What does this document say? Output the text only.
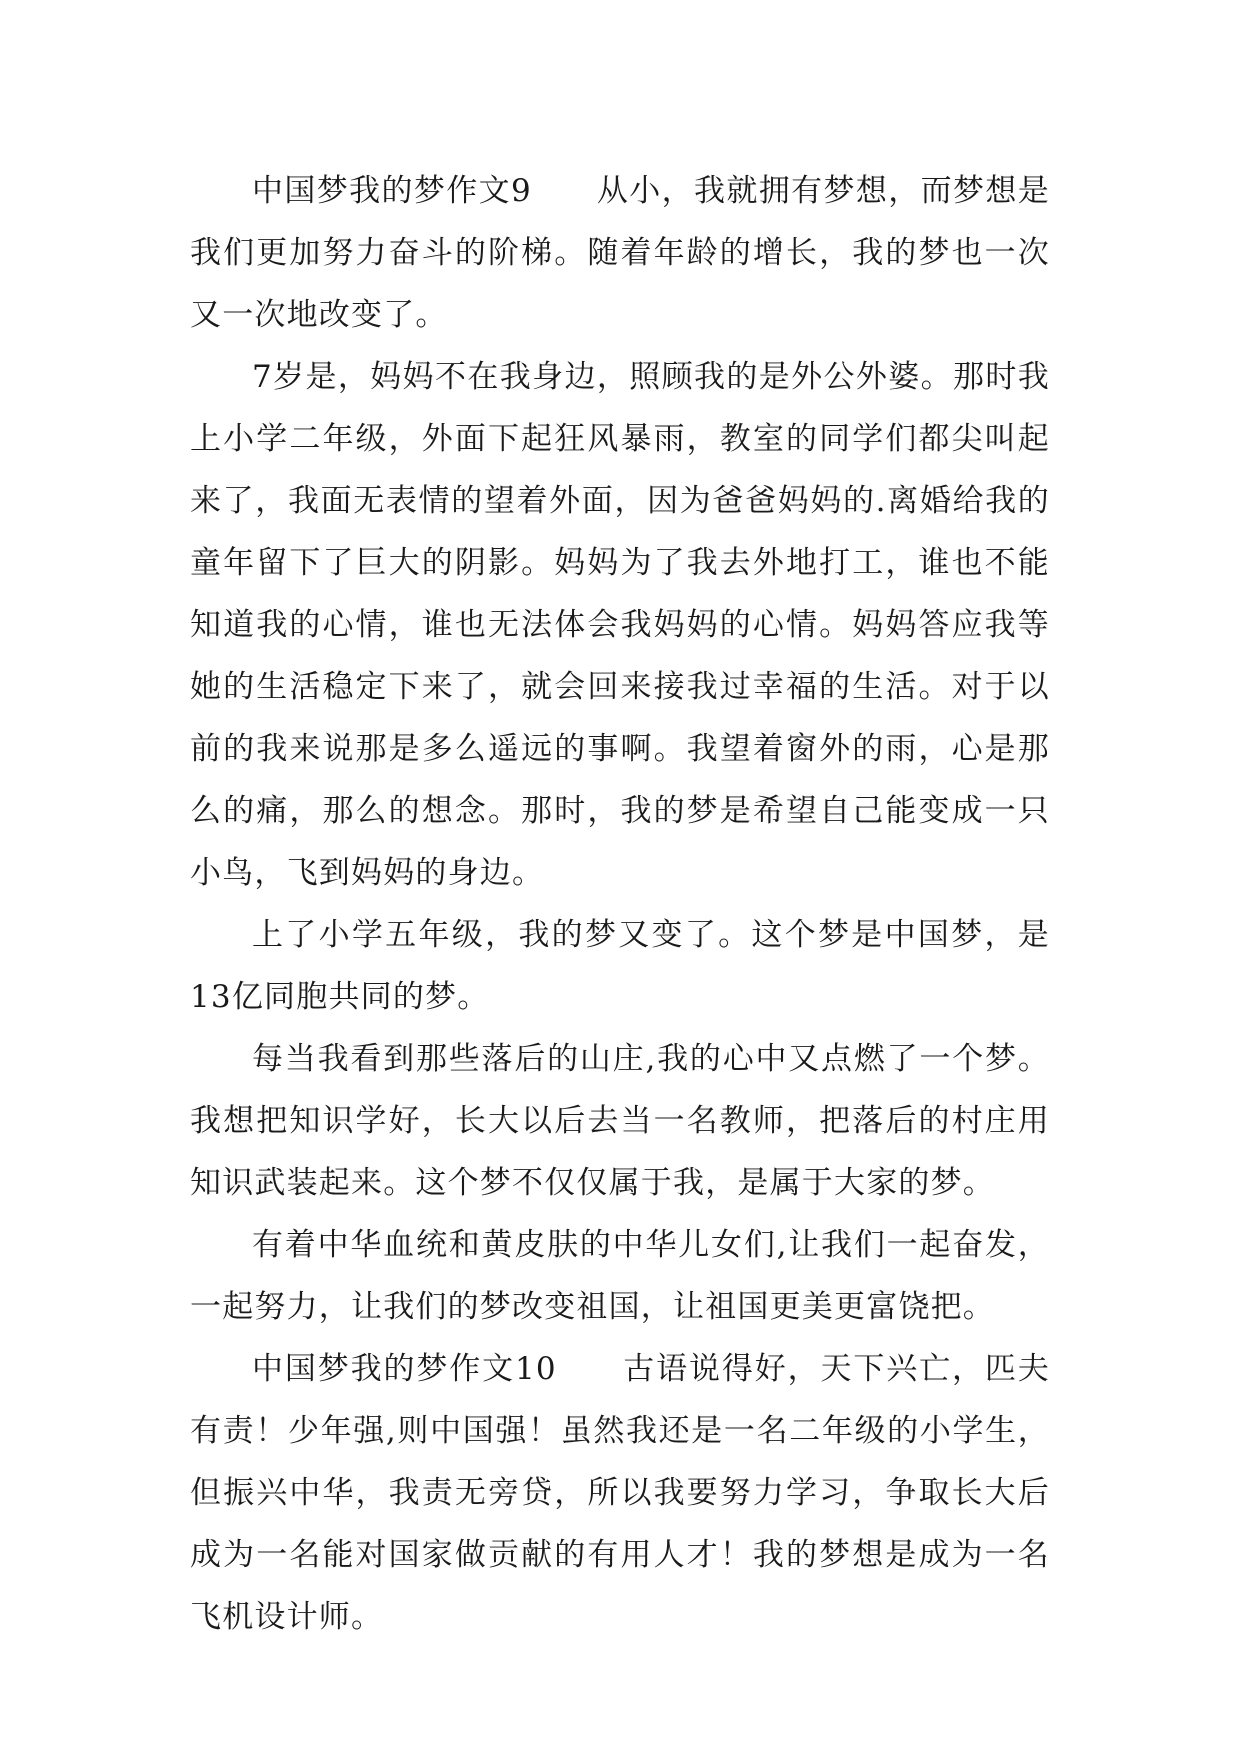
中国梦我的梦作文9　　从小，我就拥有梦想，而梦想是我们更加努力奋斗的阶梯。随着年龄的增长，我的梦也一次又一次地改变了。

7岁是，妈妈不在我身边，照顾我的是外公外婆。那时我上小学二年级，外面下起狂风暴雨，教室的同学们都尖叫起来了，我面无表情的望着外面，因为爸爸妈妈的.离婚给我的童年留下了巨大的阴影。妈妈为了我去外地打工，谁也不能知道我的心情，谁也无法体会我妈妈的心情。妈妈答应我等她的生活稳定下来了，就会回来接我过幸福的生活。对于以前的我来说那是多么遥远的事啊。我望着窗外的雨，心是那么的痛，那么的想念。那时，我的梦是希望自己能变成一只小鸟，飞到妈妈的身边。

上了小学五年级，我的梦又变了。这个梦是中国梦，是13亿同胞共同的梦。

每当我看到那些落后的山庄,我的心中又点燃了一个梦。我想把知识学好，长大以后去当一名教师，把落后的村庄用知识武装起来。这个梦不仅仅属于我，是属于大家的梦。

有着中华血统和黄皮肤的中华儿女们,让我们一起奋发，一起努力，让我们的梦改变祖国，让祖国更美更富饶把。

中国梦我的梦作文10　　古语说得好，天下兴亡，匹夫有责！少年强,则中国强！虽然我还是一名二年级的小学生，但振兴中华，我责无旁贷，所以我要努力学习，争取长大后成为一名能对国家做贡献的有用人才！我的梦想是成为一名飞机设计师。
